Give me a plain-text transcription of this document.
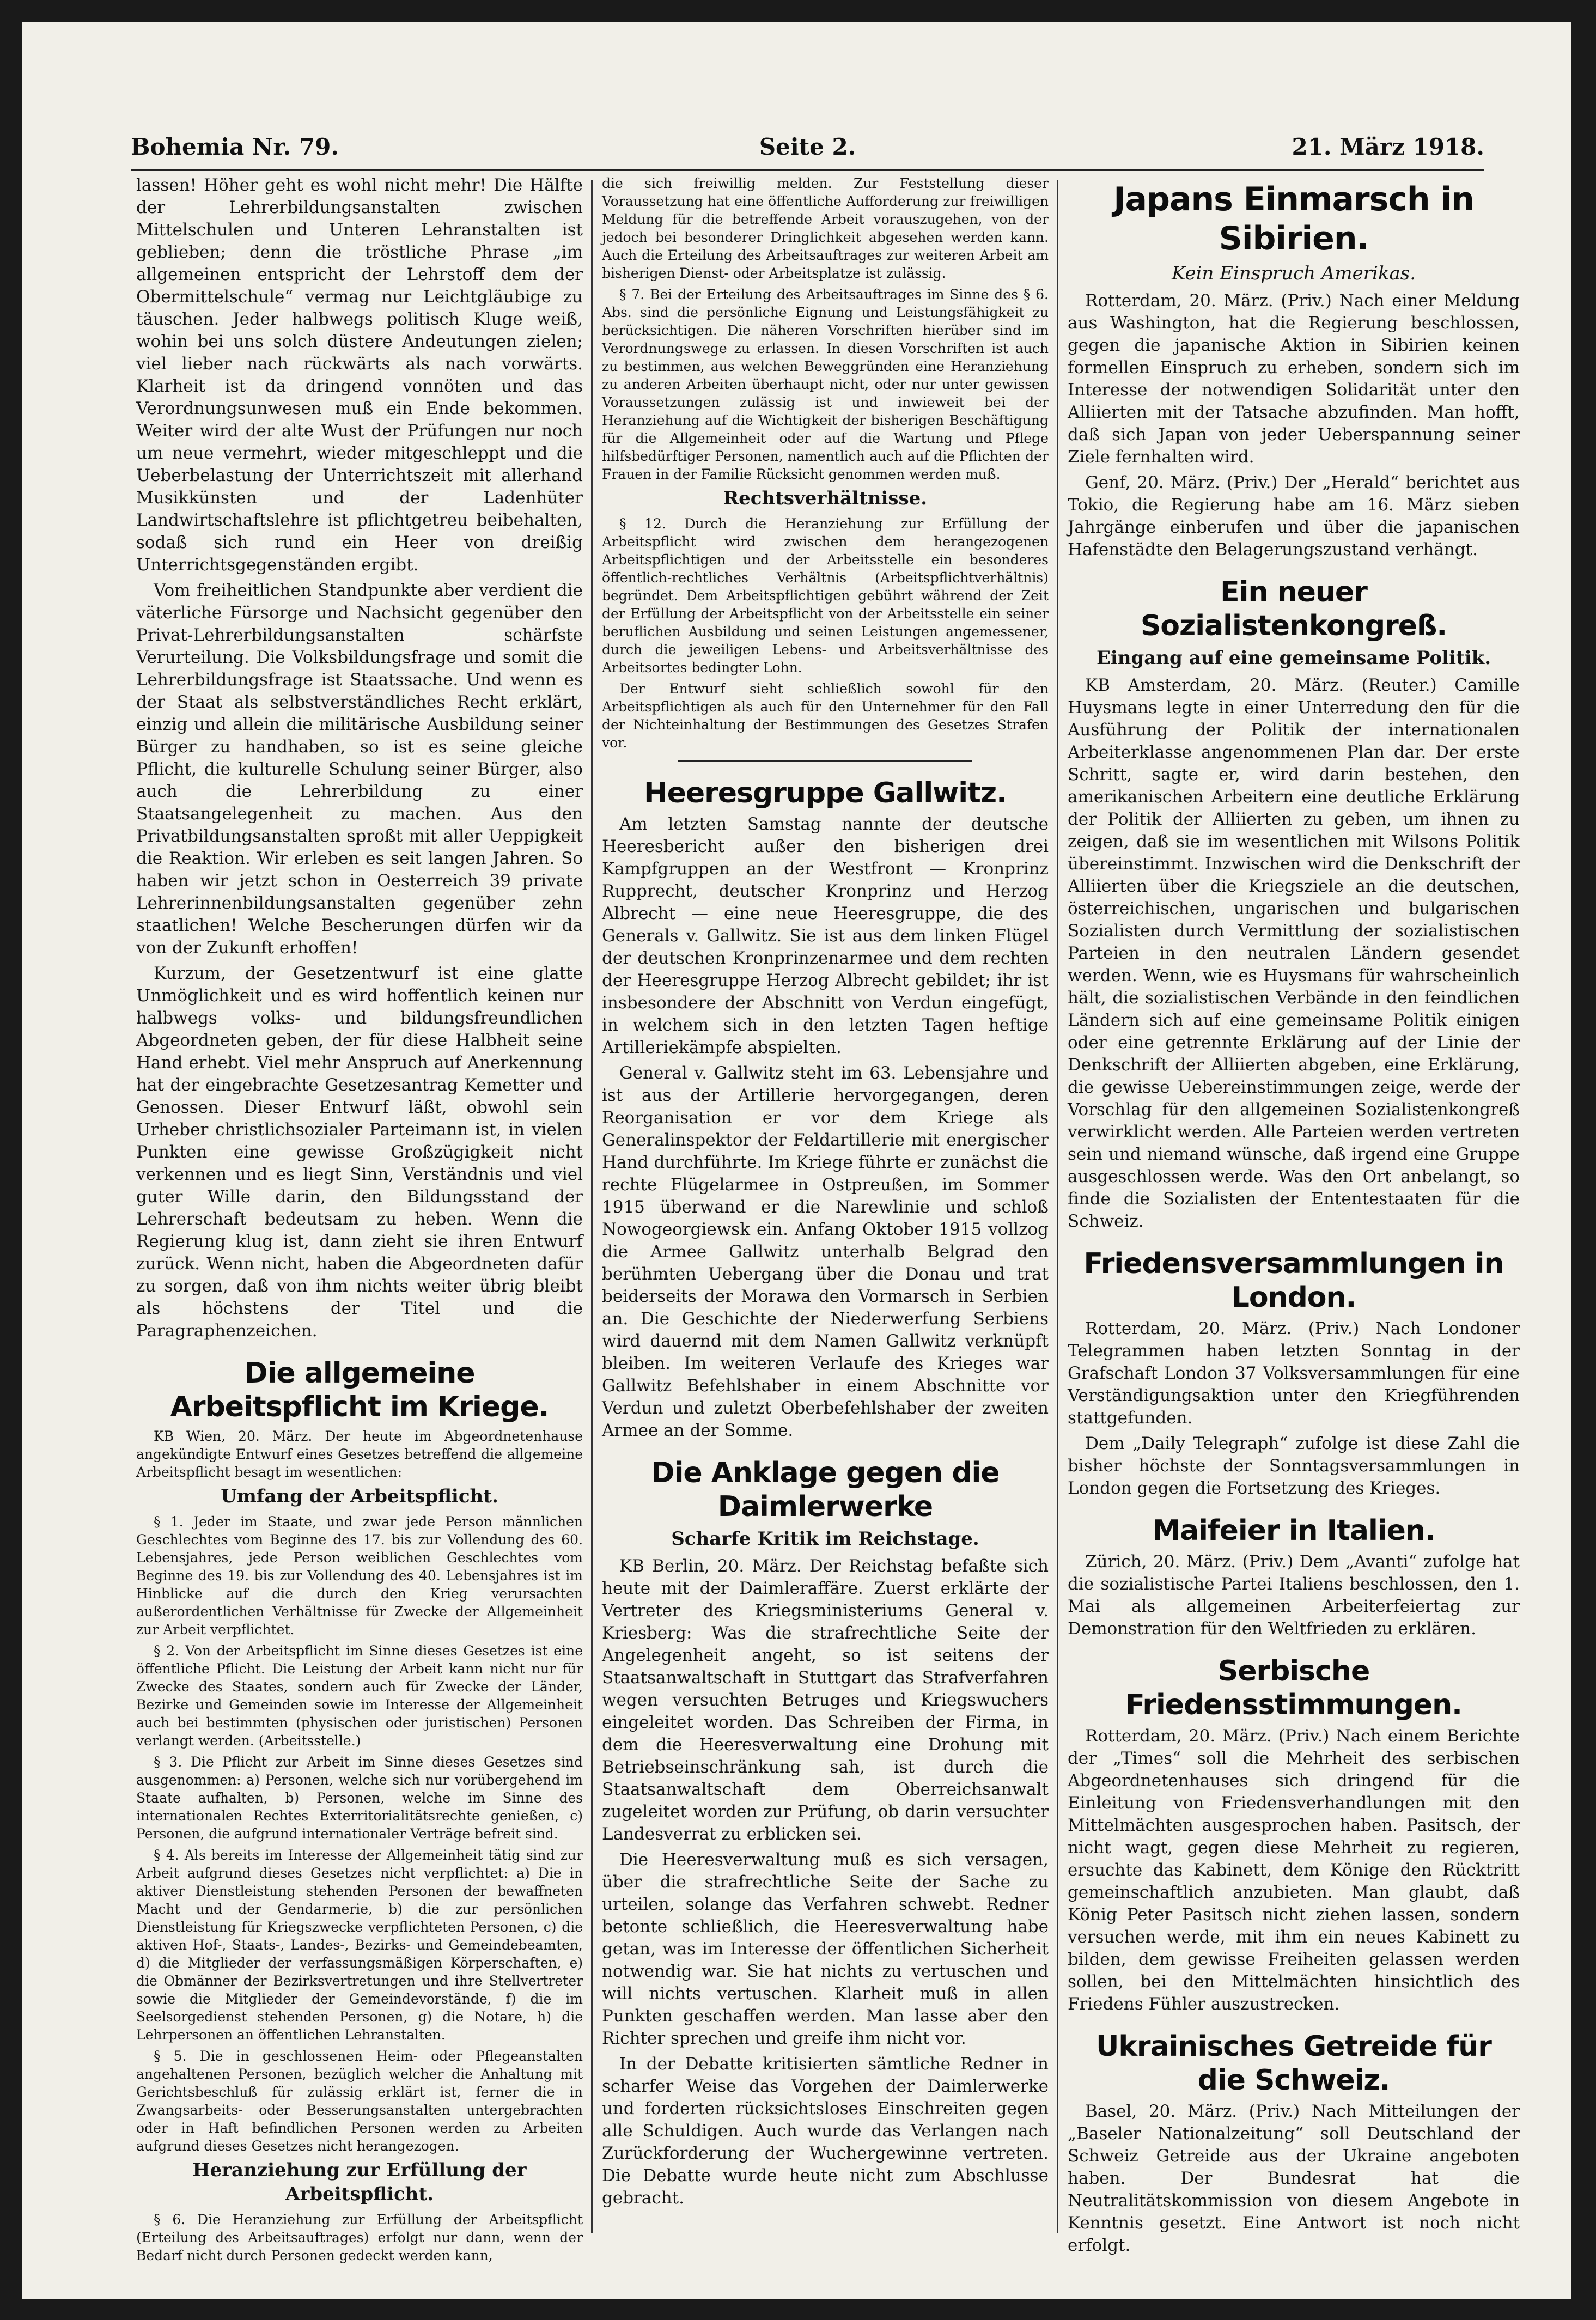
Bohemia Nr. 79.	Seite 2.	21. März 1918.

lassen! Höher geht es wohl nicht mehr! Die Hälfte der Lehrerbildungsanstalten zwischen Mittelschulen und Unteren Lehranstalten ist geblieben; denn die tröstliche Phrase „im allgemeinen entspricht der Lehrstoff dem der Obermittelschule“ vermag nur Leichtgläubige zu täuschen. Jeder halbwegs politisch Kluge weiß, wohin bei uns solch düstere Andeutungen zielen; viel lieber nach rückwärts als nach vorwärts. Klarheit ist da dringend vonnöten und das Verordnungsunwesen muß ein Ende bekommen. Weiter wird der alte Wust der Prüfungen nur noch um neue vermehrt, wieder mitgeschleppt und die Ueberbelastung der Unterrichtszeit mit allerhand Musikkünsten und der Ladenhüter Landwirtschaftslehre ist pflichtgetreu beibehalten, sodaß sich rund ein Heer von dreißig Unterrichtsgegenständen ergibt.

Vom freiheitlichen Standpunkte aber verdient die väterliche Fürsorge und Nachsicht gegenüber den Privat-Lehrerbildungsanstalten schärfste Verurteilung. Die Volksbildungsfrage und somit die Lehrerbildungsfrage ist Staatssache. Und wenn es der Staat als selbstverständliches Recht erklärt, einzig und allein die militärische Ausbildung seiner Bürger zu handhaben, so ist es seine gleiche Pflicht, die kulturelle Schulung seiner Bürger, also auch die Lehrerbildung zu einer Staatsangelegenheit zu machen. Aus den Privatbildungsanstalten sproßt mit aller Ueppigkeit die Reaktion. Wir erleben es seit langen Jahren. So haben wir jetzt schon in Oesterreich 39 private Lehrerinnenbildungsanstalten gegenüber zehn staatlichen! Welche Bescherungen dürfen wir da von der Zukunft erhoffen!

Kurzum, der Gesetzentwurf ist eine glatte Unmöglichkeit und es wird hoffentlich keinen nur halbwegs volks- und bildungsfreundlichen Abgeordneten geben, der für diese Halbheit seine Hand erhebt. Viel mehr Anspruch auf Anerkennung hat der eingebrachte Gesetzesantrag Kemetter und Genossen. Dieser Entwurf läßt, obwohl sein Urheber christlichsozialer Parteimann ist, in vielen Punkten eine gewisse Großzügigkeit nicht verkennen und es liegt Sinn, Verständnis und viel guter Wille darin, den Bildungsstand der Lehrerschaft bedeutsam zu heben. Wenn die Regierung klug ist, dann zieht sie ihren Entwurf zurück. Wenn nicht, haben die Abgeordneten dafür zu sorgen, daß von ihm nichts weiter übrig bleibt als höchstens der Titel und die Paragraphenzeichen.

Die allgemeine Arbeitspflicht im Kriege.

KB Wien, 20. März. Der heute im Abgeordnetenhause angekündigte Entwurf eines Gesetzes betreffend die allgemeine Arbeitspflicht besagt im wesentlichen:

Umfang der Arbeitspflicht.

§ 1. Jeder im Staate, und zwar jede Person männlichen Geschlechtes vom Beginne des 17. bis zur Vollendung des 60. Lebensjahres, jede Person weiblichen Geschlechtes vom Beginne des 19. bis zur Vollendung des 40. Lebensjahres ist im Hinblicke auf die durch den Krieg verursachten außerordentlichen Verhältnisse für Zwecke der Allgemeinheit zur Arbeit verpflichtet.

§ 2. Von der Arbeitspflicht im Sinne dieses Gesetzes ist eine öffentliche Pflicht. Die Leistung der Arbeit kann nicht nur für Zwecke des Staates, sondern auch für Zwecke der Länder, Bezirke und Gemeinden sowie im Interesse der Allgemeinheit auch bei bestimmten (physischen oder juristischen) Personen verlangt werden. (Arbeitsstelle.)

§ 3. Die Pflicht zur Arbeit im Sinne dieses Gesetzes sind ausgenommen: a) Personen, welche sich nur vorübergehend im Staate aufhalten, b) Personen, welche im Sinne des internationalen Rechtes Exterritorialitätsrechte genießen, c) Personen, die aufgrund internationaler Verträge befreit sind.

§ 4. Als bereits im Interesse der Allgemeinheit tätig sind zur Arbeit aufgrund dieses Gesetzes nicht verpflichtet: a) Die in aktiver Dienstleistung stehenden Personen der bewaffneten Macht und der Gendarmerie, b) die zur persönlichen Dienstleistung für Kriegszwecke verpflichteten Personen, c) die aktiven Hof-, Staats-, Landes-, Bezirks- und Gemeindebeamten, d) die Mitglieder der verfassungsmäßigen Körperschaften, e) die Obmänner der Bezirksvertretungen und ihre Stellvertreter sowie die Mitglieder der Gemeindevorstände, f) die im Seelsorgedienst stehenden Personen, g) die Notare, h) die Lehrpersonen an öffentlichen Lehranstalten.

§ 5. Die in geschlossenen Heim- oder Pflegeanstalten angehaltenen Personen, bezüglich welcher die Anhaltung mit Gerichtsbeschluß für zulässig erklärt ist, ferner die in Zwangsarbeits- oder Besserungsanstalten untergebrachten oder in Haft befindlichen Personen werden zu Arbeiten aufgrund dieses Gesetzes nicht herangezogen.

Heranziehung zur Erfüllung der Arbeitspflicht.

§ 6. Die Heranziehung zur Erfüllung der Arbeitspflicht (Erteilung des Arbeitsauftrages) erfolgt nur dann, wenn der Bedarf nicht durch Personen gedeckt werden kann,

die sich freiwillig melden. Zur Feststellung dieser Voraussetzung hat eine öffentliche Aufforderung zur freiwilligen Meldung für die betreffende Arbeit vorauszugehen, von der jedoch bei besonderer Dringlichkeit abgesehen werden kann. Auch die Erteilung des Arbeitsauftrages zur weiteren Arbeit am bisherigen Dienst- oder Arbeitsplatze ist zulässig.

§ 7. Bei der Erteilung des Arbeitsauftrages im Sinne des § 6. Abs. sind die persönliche Eignung und Leistungsfähigkeit zu berücksichtigen. Die näheren Vorschriften hierüber sind im Verordnungswege zu erlassen. In diesen Vorschriften ist auch zu bestimmen, aus welchen Beweggründen eine Heranziehung zu anderen Arbeiten überhaupt nicht, oder nur unter gewissen Voraussetzungen zulässig ist und inwieweit bei der Heranziehung auf die Wichtigkeit der bisherigen Beschäftigung für die Allgemeinheit oder auf die Wartung und Pflege hilfsbedürftiger Personen, namentlich auch auf die Pflichten der Frauen in der Familie Rücksicht genommen werden muß.

Rechtsverhältnisse.

§ 12. Durch die Heranziehung zur Erfüllung der Arbeitspflicht wird zwischen dem herangezogenen Arbeitspflichtigen und der Arbeitsstelle ein besonderes öffentlich-rechtliches Verhältnis (Arbeitspflichtverhältnis) begründet. Dem Arbeitspflichtigen gebührt während der Zeit der Erfüllung der Arbeitspflicht von der Arbeitsstelle ein seiner beruflichen Ausbildung und seinen Leistungen angemessener, durch die jeweiligen Lebens- und Arbeitsverhältnisse des Arbeitsortes bedingter Lohn.

Der Entwurf sieht schließlich sowohl für den Arbeitspflichtigen als auch für den Unternehmer für den Fall der Nichteinhaltung der Bestimmungen des Gesetzes Strafen vor.

Heeresgruppe Gallwitz.

Am letzten Samstag nannte der deutsche Heeresbericht außer den bisherigen drei Kampfgruppen an der Westfront — Kronprinz Rupprecht, deutscher Kronprinz und Herzog Albrecht — eine neue Heeresgruppe, die des Generals v. Gallwitz. Sie ist aus dem linken Flügel der deutschen Kronprinzenarmee und dem rechten der Heeresgruppe Herzog Albrecht gebildet; ihr ist insbesondere der Abschnitt von Verdun eingefügt, in welchem sich in den letzten Tagen heftige Artilleriekämpfe abspielten.

General v. Gallwitz steht im 63. Lebensjahre und ist aus der Artillerie hervorgegangen, deren Reorganisation er vor dem Kriege als Generalinspektor der Feldartillerie mit energischer Hand durchführte. Im Kriege führte er zunächst die rechte Flügelarmee in Ostpreußen, im Sommer 1915 überwand er die Narewlinie und schloß Nowogeorgiewsk ein. Anfang Oktober 1915 vollzog die Armee Gallwitz unterhalb Belgrad den berühmten Uebergang über die Donau und trat beiderseits der Morawa den Vormarsch in Serbien an. Die Geschichte der Niederwerfung Serbiens wird dauernd mit dem Namen Gallwitz verknüpft bleiben. Im weiteren Verlaufe des Krieges war Gallwitz Befehlshaber in einem Abschnitte vor Verdun und zuletzt Oberbefehlshaber der zweiten Armee an der Somme.

Die Anklage gegen die Daimlerwerke
Scharfe Kritik im Reichstage.

KB Berlin, 20. März. Der Reichstag befaßte sich heute mit der Daimleraffäre. Zuerst erklärte der Vertreter des Kriegsministeriums General v. Kriesberg: Was die strafrechtliche Seite der Angelegenheit angeht, so ist seitens der Staatsanwaltschaft in Stuttgart das Strafverfahren wegen versuchten Betruges und Kriegswuchers eingeleitet worden. Das Schreiben der Firma, in dem die Heeresverwaltung eine Drohung mit Betriebseinschränkung sah, ist durch die Staatsanwaltschaft dem Oberreichsanwalt zugeleitet worden zur Prüfung, ob darin versuchter Landesverrat zu erblicken sei.

Die Heeresverwaltung muß es sich versagen, über die strafrechtliche Seite der Sache zu urteilen, solange das Verfahren schwebt. Redner betonte schließlich, die Heeresverwaltung habe getan, was im Interesse der öffentlichen Sicherheit notwendig war. Sie hat nichts zu vertuschen und will nichts vertuschen. Klarheit muß in allen Punkten geschaffen werden. Man lasse aber den Richter sprechen und greife ihm nicht vor.

In der Debatte kritisierten sämtliche Redner in scharfer Weise das Vorgehen der Daimlerwerke und forderten rücksichtsloses Einschreiten gegen alle Schuldigen. Auch wurde das Verlangen nach Zurückforderung der Wuchergewinne vertreten. Die Debatte wurde heute nicht zum Abschlusse gebracht.

Japans Einmarsch in Sibirien.
Kein Einspruch Amerikas.

Rotterdam, 20. März. (Priv.) Nach einer Meldung aus Washington, hat die Regierung beschlossen, gegen die japanische Aktion in Sibirien keinen formellen Einspruch zu erheben, sondern sich im Interesse der notwendigen Solidarität unter den Alliierten mit der Tatsache abzufinden. Man hofft, daß sich Japan von jeder Ueberspannung seiner Ziele fernhalten wird.

Genf, 20. März. (Priv.) Der „Herald“ berichtet aus Tokio, die Regierung habe am 16. März sieben Jahrgänge einberufen und über die japanischen Hafenstädte den Belagerungszustand verhängt.

Ein neuer Sozialistenkongreß.
Eingang auf eine gemeinsame Politik.

KB Amsterdam, 20. März. (Reuter.) Camille Huysmans legte in einer Unterredung den für die Ausführung der Politik der internationalen Arbeiterklasse angenommenen Plan dar. Der erste Schritt, sagte er, wird darin bestehen, den amerikanischen Arbeitern eine deutliche Erklärung der Politik der Alliierten zu geben, um ihnen zu zeigen, daß sie im wesentlichen mit Wilsons Politik übereinstimmt. Inzwischen wird die Denkschrift der Alliierten über die Kriegsziele an die deutschen, österreichischen, ungarischen und bulgarischen Sozialisten durch Vermittlung der sozialistischen Parteien in den neutralen Ländern gesendet werden. Wenn, wie es Huysmans für wahrscheinlich hält, die sozialistischen Verbände in den feindlichen Ländern sich auf eine gemeinsame Politik einigen oder eine getrennte Erklärung auf der Linie der Denkschrift der Alliierten abgeben, eine Erklärung, die gewisse Uebereinstimmungen zeige, werde der Vorschlag für den allgemeinen Sozialistenkongreß verwirklicht werden. Alle Parteien werden vertreten sein und niemand wünsche, daß irgend eine Gruppe ausgeschlossen werde. Was den Ort anbelangt, so finde die Sozialisten der Ententestaaten für die Schweiz.

Friedensversammlungen in London.

Rotterdam, 20. März. (Priv.) Nach Londoner Telegrammen haben letzten Sonntag in der Grafschaft London 37 Volksversammlungen für eine Verständigungsaktion unter den Kriegführenden stattgefunden.

Dem „Daily Telegraph“ zufolge ist diese Zahl die bisher höchste der Sonntagsversammlungen in London gegen die Fortsetzung des Krieges.

Maifeier in Italien.

Zürich, 20. März. (Priv.) Dem „Avanti“ zufolge hat die sozialistische Partei Italiens beschlossen, den 1. Mai als allgemeinen Arbeiterfeiertag zur Demonstration für den Weltfrieden zu erklären.

Serbische Friedensstimmungen.

Rotterdam, 20. März. (Priv.) Nach einem Berichte der „Times“ soll die Mehrheit des serbischen Abgeordnetenhauses sich dringend für die Einleitung von Friedensverhandlungen mit den Mittelmächten ausgesprochen haben. Pasitsch, der nicht wagt, gegen diese Mehrheit zu regieren, ersuchte das Kabinett, dem Könige den Rücktritt gemeinschaftlich anzubieten. Man glaubt, daß König Peter Pasitsch nicht ziehen lassen, sondern versuchen werde, mit ihm ein neues Kabinett zu bilden, dem gewisse Freiheiten gelassen werden sollen, bei den Mittelmächten hinsichtlich des Friedens Fühler auszustrecken.

Ukrainisches Getreide für die Schweiz.

Basel, 20. März. (Priv.) Nach Mitteilungen der „Baseler Nationalzeitung“ soll Deutschland der Schweiz Getreide aus der Ukraine angeboten haben. Der Bundesrat hat die Neutralitätskommission von diesem Angebote in Kenntnis gesetzt. Eine Antwort ist noch nicht erfolgt.
